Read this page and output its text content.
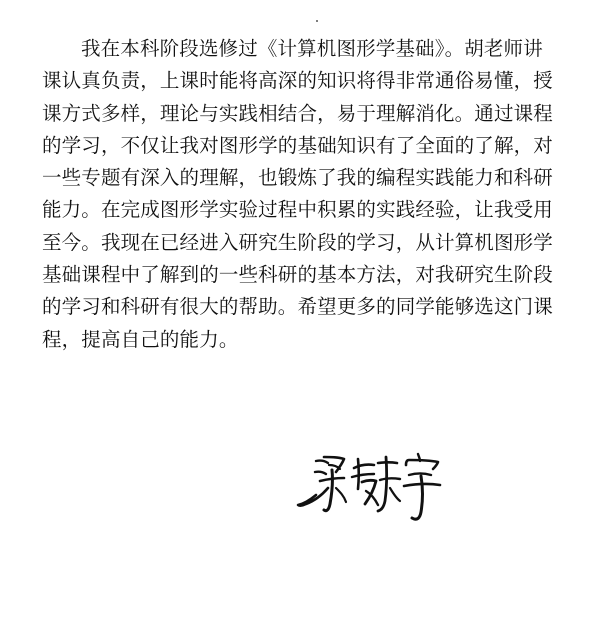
我在本科阶段选修过《计算机图形学基础》。胡老师讲
课认真负责，上课时能将高深的知识将得非常通俗易懂，授
课方式多样，理论与实践相结合，易于理解消化。通过课程
的学习，不仅让我对图形学的基础知识有了全面的了解，对
一些专题有深入的理解，也锻炼了我的编程实践能力和科研
能力。在完成图形学实验过程中积累的实践经验，让我受用
至今。我现在已经进入研究生阶段的学习，从计算机图形学
基础课程中了解到的一些科研的基本方法，对我研究生阶段
的学习和科研有很大的帮助。希望更多的同学能够选这门课
程，提高自己的能力。
